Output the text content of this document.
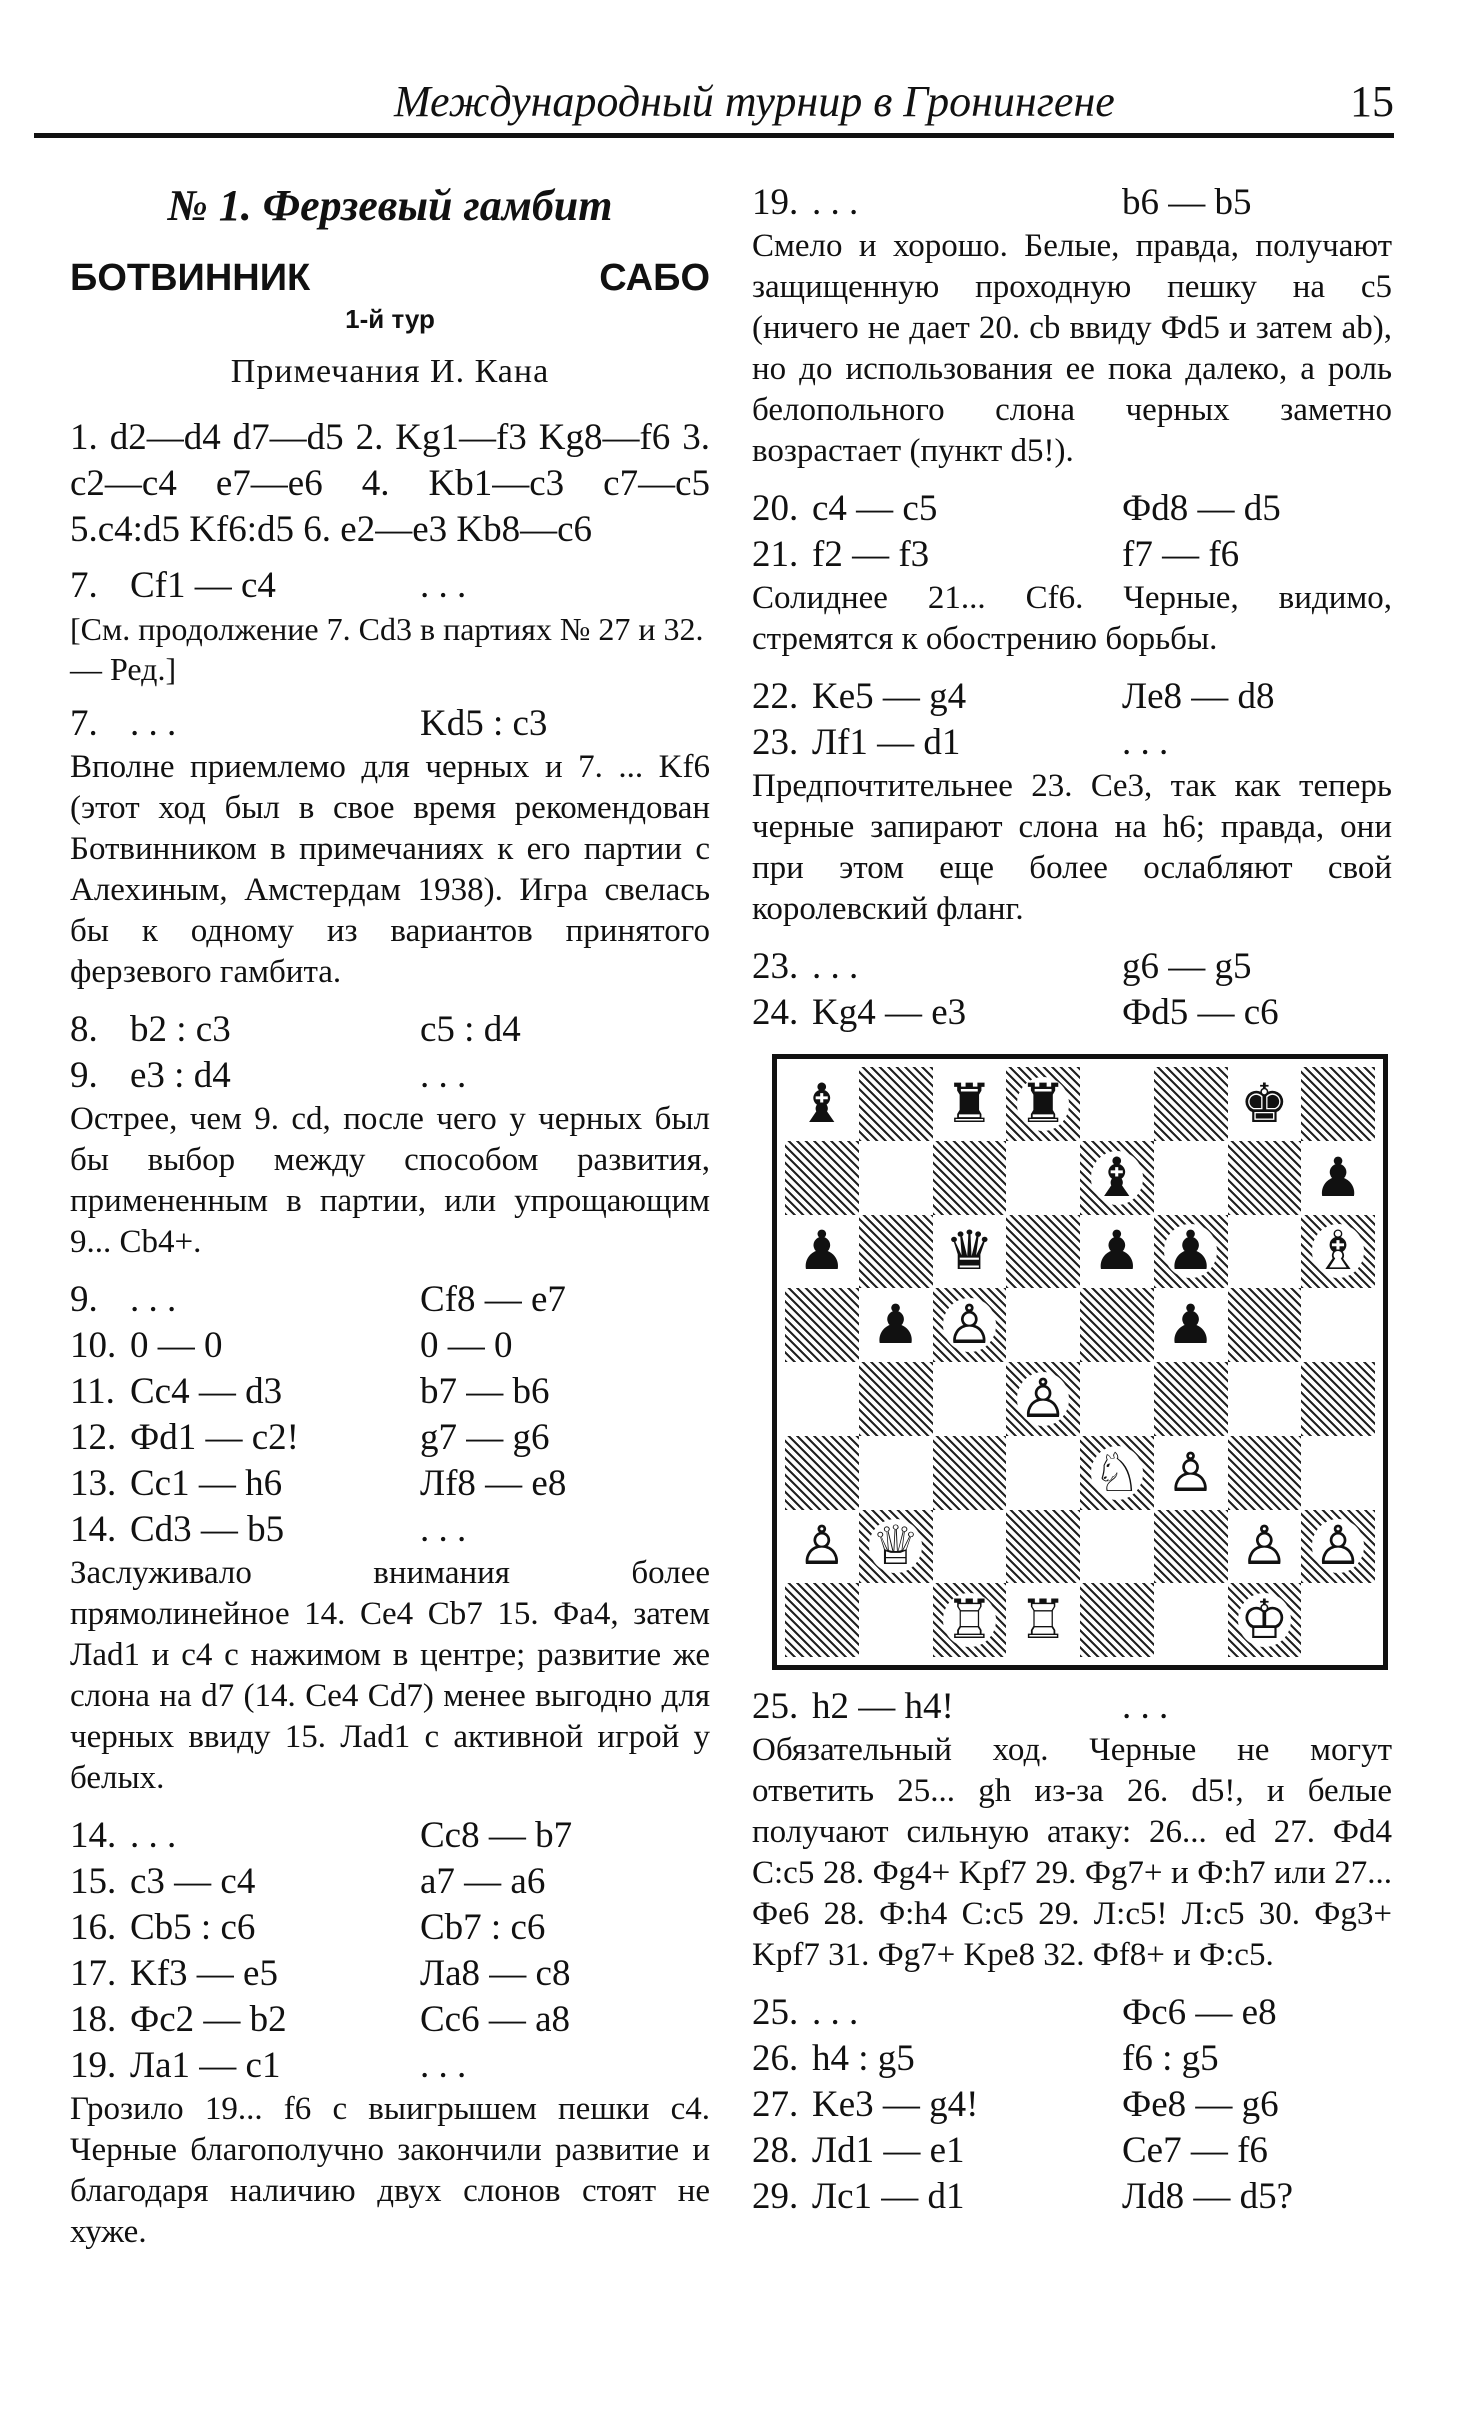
Международный турнир в Гронингене	15
№ 1. Ферзевый гамбит
БОТВИННИК	САБО
1-й тур
Примечания И. Кана
1. d2—d4 d7—d5 2. Kg1—f3 Kg8—f6 3. c2—c4 e7—e6 4. Kb1—c3 c7—c5 5.c4:d5 Kf6:d5 6. e2—e3 Kb8—c6
7. Cf1 — c4	. . .
[См. продолжение 7. Cd3 в партиях № 27 и 32. — Ред.]
7. . . .	Kd5 : c3
Вполне приемлемо для черных и 7. ... Kf6 (этот ход был в свое время рекомендован Ботвинником в примечаниях к его партии с Алехиным, Амстердам 1938). Игра свелась бы к одному из вариантов принятого ферзевого гамбита.
8. b2 : c3	c5 : d4
9. e3 : d4	. . .
Острее, чем 9. cd, после чего у черных был бы выбор между способом развития, примененным в партии, или упрощающим 9... Cb4+.
9. . . .	Cf8 — e7
10. 0 — 0	0 — 0
11. Cc4 — d3	b7 — b6
12. Фd1 — c2!	g7 — g6
13. Cc1 — h6	Лf8 — e8
14. Cd3 — b5	. . .
Заслуживало внимания более прямолинейное 14. Ce4 Cb7 15. Фa4, затем Лad1 и c4 с нажимом в центре; развитие же слона на d7 (14. Ce4 Cd7) менее выгодно для черных ввиду 15. Лad1 с активной игрой у белых.
14. . . .	Cc8 — b7
15. c3 — c4	a7 — a6
16. Cb5 : c6	Cb7 : c6
17. Kf3 — e5	Лa8 — c8
18. Фc2 — b2	Cc6 — a8
19. Лa1 — c1	. . .
Грозило 19... f6 с выигрышем пешки c4. Черные благополучно закончили развитие и благодаря наличию двух слонов стоят не хуже.
19. . . .	b6 — b5
Смело и хорошо. Белые, правда, получают защищенную проходную пешку на c5 (ничего не дает 20. cb ввиду Фd5 и затем ab), но до использования ее пока далеко, а роль белопольного слона черных заметно возрастает (пункт d5!).
20. c4 — c5	Фd8 — d5
21. f2 — f3	f7 — f6
Солиднее 21... Cf6. Черные, видимо, стремятся к обострению борьбы.
22. Ke5 — g4	Лe8 — d8
23. Лf1 — d1	. . .
Предпочтительнее 23. Ce3, так как теперь черные запирают слона на h6; правда, они при этом еще более ослабляют свой королевский фланг.
23. . . .	g6 — g5
24. Kg4 — e3	Фd5 — c6
♝ ♜ ♜	♚
♝	♟
♟ ♛ ♟ ♟ ♗
♟ ♙	♟
♙
♘ ♙
♙ ♕	♙ ♙
♖ ♖	♔
25. h2 — h4!	. . .
Обязательный ход. Черные не могут ответить 25... gh из-за 26. d5!, и белые получают сильную атаку: 26... ed 27. Фd4 C:c5 28. Фg4+ Kpf7 29. Фg7+ и Ф:h7 или 27... Фe6 28. Ф:h4 C:c5 29. Л:c5! Л:c5 30. Фg3+ Kpf7 31. Фg7+ Kpe8 32. Фf8+ и Ф:c5.
25. . . .	Фc6 — e8
26. h4 : g5	f6 : g5
27. Ke3 — g4!	Фe8 — g6
28. Лd1 — e1	Ce7 — f6
29. Лc1 — d1	Лd8 — d5?
